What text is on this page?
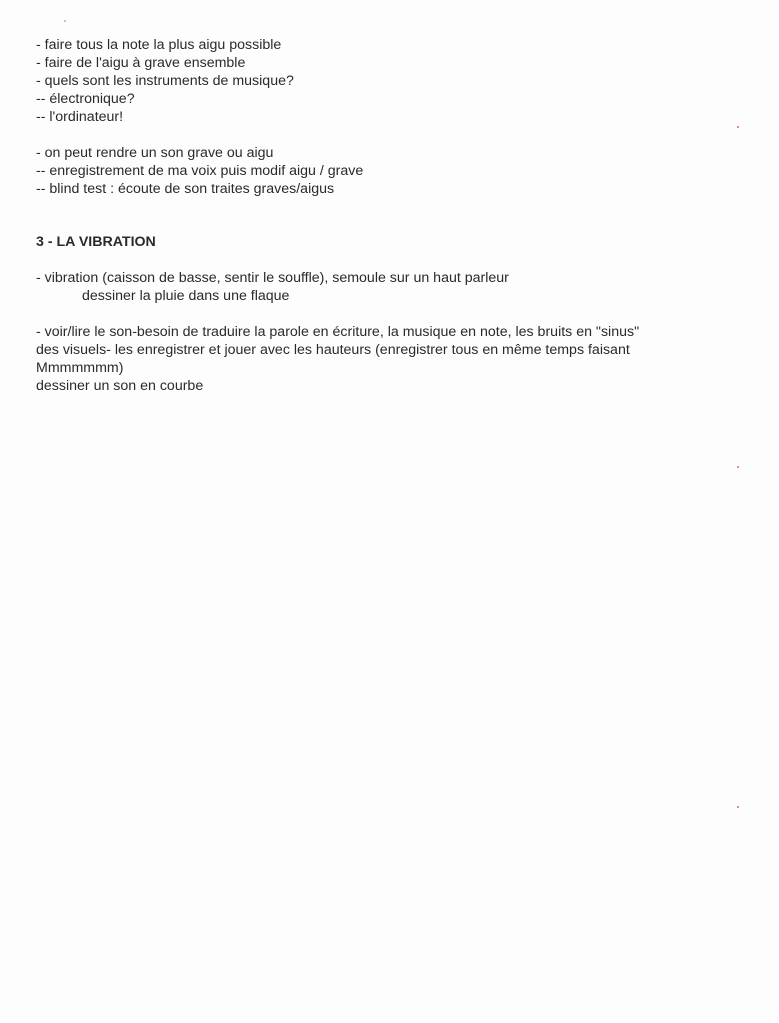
- faire tous la note la plus aigu possible
- faire de l'aigu à grave ensemble
- quels sont les instruments de musique?
-- électronique?
-- l'ordinateur!
- on peut rendre un son grave ou aigu
-- enregistrement de ma voix puis modif aigu / grave
-- blind test : écoute de son traites graves/aigus
3 - LA VIBRATION
- vibration (caisson de basse, sentir le souffle), semoule sur un haut parleur
dessiner la pluie dans une flaque
- voir/lire le son-besoin de traduire la parole en écriture, la musique en note, les bruits en "sinus"
des visuels- les enregistrer et jouer avec les hauteurs (enregistrer tous en même temps faisant
Mmmmmmm)
dessiner un son en courbe
